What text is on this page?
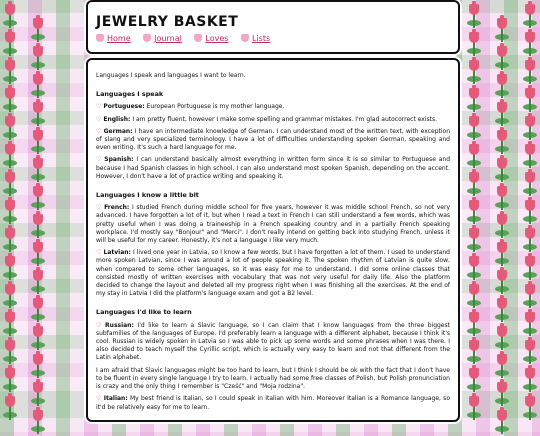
JEWELRY BASKET
Home	Journal	Loves	Lists

Languages I speak and languages I want to learn.

Languages I speak
♡ Portuguese: European Portuguese is my mother language.
♡ English: I am pretty fluent, however I make some spelling and grammar mistakes. I'm glad autocorrect exists.
♡ German: I have an intermediate knowledge of German. I can understand most of the written text, with exception of slang and very specialized terminology. I have a lot of difficulties understanding spoken German, speaking and even writing. It's such a hard language for me.
♡ Spanish: I can understand basically almost everything in written form since it is so similar to Portuguese and because I had Spanish classes in high school. I can also understand most spoken Spanish, depending on the accent. However, I don't have a lot of practice writing and speaking it.
Languages I know a little bit
♡ French: I studied French during middle school for five years, however it was middle school French, so not very advanced. I have forgotten a lot of it, but when I read a text in French I can still understand a few words, which was pretty useful when I was doing a traineeship in a French speaking country and in a partially French speaking workplace. I'd mostly say "Bonjour" and "Merci". I don't really intend on getting back into studying French, unless it will be useful for my career. Honestly, it's not a language I like very much.
♡ Latvian: I lived one year in Latvia, so I know a few words, but I have forgotten a lot of them. I used to understand more spoken Latvian, since I was around a lot of people speaking it. The spoken rhythm of Latvian is quite slow, when compared to some other languages, so it was easy for me to understand. I did some online classes that consisted mostly of written exercises with vocabulary that was not very useful for daily life. Also the platform decided to change the layout and deleted all my progress right when I was finishing all the exercises. At the end of my stay in Latvia I did the platform's language exam and got a B2 level.
Languages I'd like to learn
♡ Russian: I'd like to learn a Slavic language, so I can claim that I know languages from the three biggest subfamilies of the languages of Europe. I'd preferably learn a language with a different alphabet, because I think it's cool. Russian is widely spoken in Latvia so I was able to pick up some words and some phrases when I was there. I also decided to teach myself the Cyrillic script, which is actually very easy to learn and not that different from the Latin alphabet.
I am afraid that Slavic languages might be too hard to learn, but I think I should be ok with the fact that I don't have to be fluent in every single language I try to learn. I actually had some free classes of Polish, but Polish pronunciation is crazy and the only thing I remember is "Cześć" and "Moja rodzina".
♡ Italian: My best friend is Italian, so I could speak in Italian with him. Moreover Italian is a Romance language, so it'd be relatively easy for me to learn.
